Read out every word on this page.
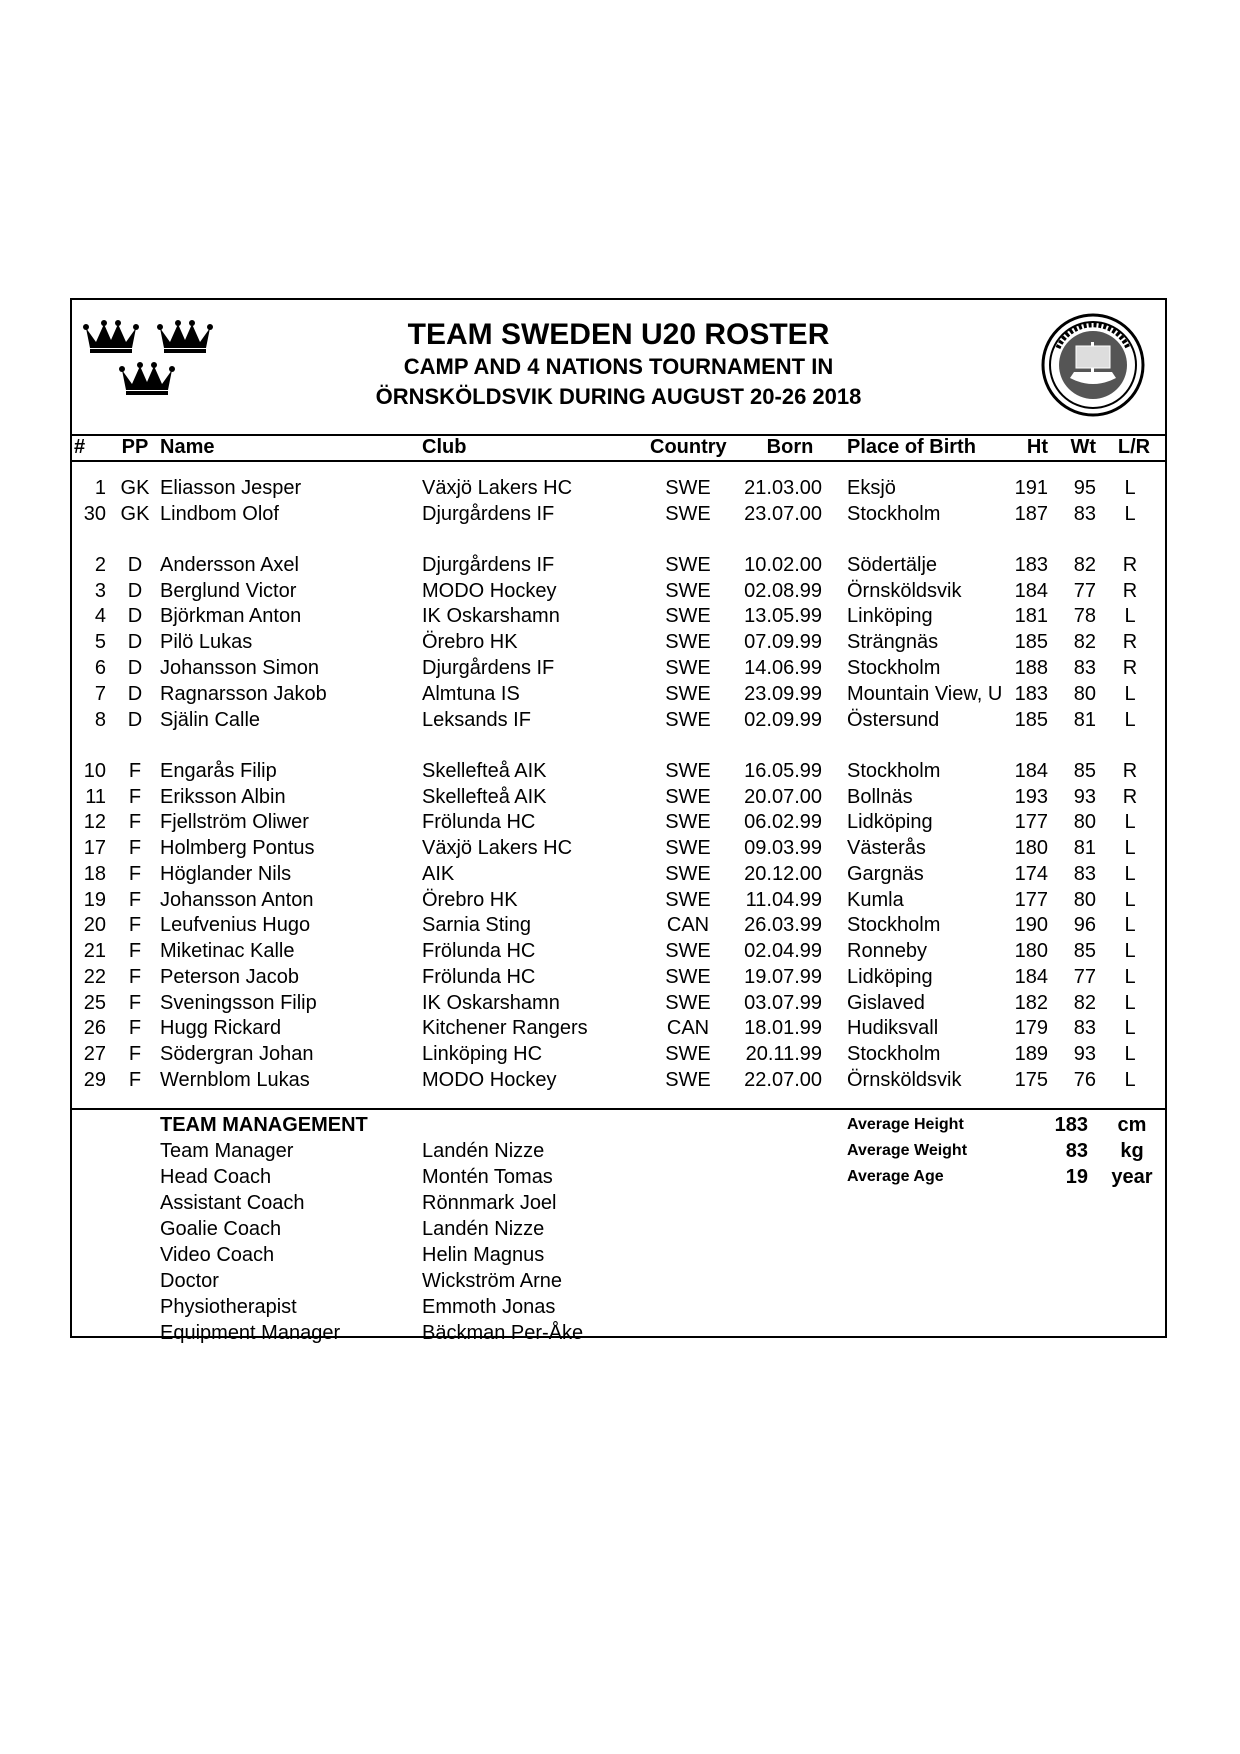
TEAM SWEDEN U20 ROSTER
CAMP AND 4 NATIONS TOURNAMENT IN
ÖRNSKÖLDSVIK DURING AUGUST 20-26 2018
# PP Name	Club	Country	Born	Place of Birth	Ht	Wt L/R
1 GK Eliasson Jesper	Växjö Lakers HC	SWE	21.03.00 Eksjö	191	95	L
30 GK Lindbom Olof	Djurgårdens IF	SWE	23.07.00 Stockholm	187	83	L
2	D Andersson Axel	Djurgårdens IF	SWE	10.02.00 Södertälje	183	82	R
3	D Berglund Victor	MODO Hockey	SWE	02.08.99 Örnsköldsvik	184	77	R
4	D Björkman Anton	IK Oskarshamn	SWE	13.05.99 Linköping	181	78	L
5	D Pilö Lukas	Örebro HK	SWE	07.09.99 Strängnäs	185	82	R
6	D Johansson Simon	Djurgårdens IF	SWE	14.06.99 Stockholm	188	83	R
7	D Ragnarsson Jakob	Almtuna IS	SWE	23.09.99 Mountain View, U 183	80	L
8	D Själin Calle	Leksands IF	SWE	02.09.99 Östersund	185	81	L
10	F Engarås Filip	Skellefteå AIK	SWE	16.05.99 Stockholm	184	85	R
11	F Eriksson Albin	Skellefteå AIK	SWE	20.07.00 Bollnäs	193	93	R
12	F Fjellström Oliwer	Frölunda HC	SWE	06.02.99 Lidköping	177	80	L
17	F Holmberg Pontus	Växjö Lakers HC	SWE	09.03.99 Västerås	180	81	L
18	F Höglander Nils	AIK	SWE	20.12.00 Gargnäs	174	83	L
19	F Johansson Anton	Örebro HK	SWE	11.04.99 Kumla	177	80	L
20	F Leufvenius Hugo	Sarnia Sting	CAN	26.03.99 Stockholm	190	96	L
21	F Miketinac Kalle	Frölunda HC	SWE	02.04.99 Ronneby	180	85	L
22	F Peterson Jacob	Frölunda HC	SWE	19.07.99 Lidköping	184	77	L
25	F Sveningsson Filip	IK Oskarshamn	SWE	03.07.99 Gislaved	182	82	L
26	F Hugg Rickard	Kitchener Rangers	CAN	18.01.99 Hudiksvall	179	83	L
27	F Södergran Johan	Linköping HC	SWE	20.11.99 Stockholm	189	93	L
29	F Wernblom Lukas	MODO Hockey	SWE	22.07.00 Örnsköldsvik	175	76	L
TEAM MANAGEMENT
Team Manager	Landén Nizze
Head Coach	Montén Tomas
Assistant Coach	Rönnmark Joel
Goalie Coach	Landén Nizze
Video Coach	Helin Magnus
Doctor	Wickström Arne
Physiotherapist	Emmoth Jonas
Equipment Manager	Bäckman Per-Åke
Average Height	183	cm
Average Weight	83	kg
Average Age	19	year
